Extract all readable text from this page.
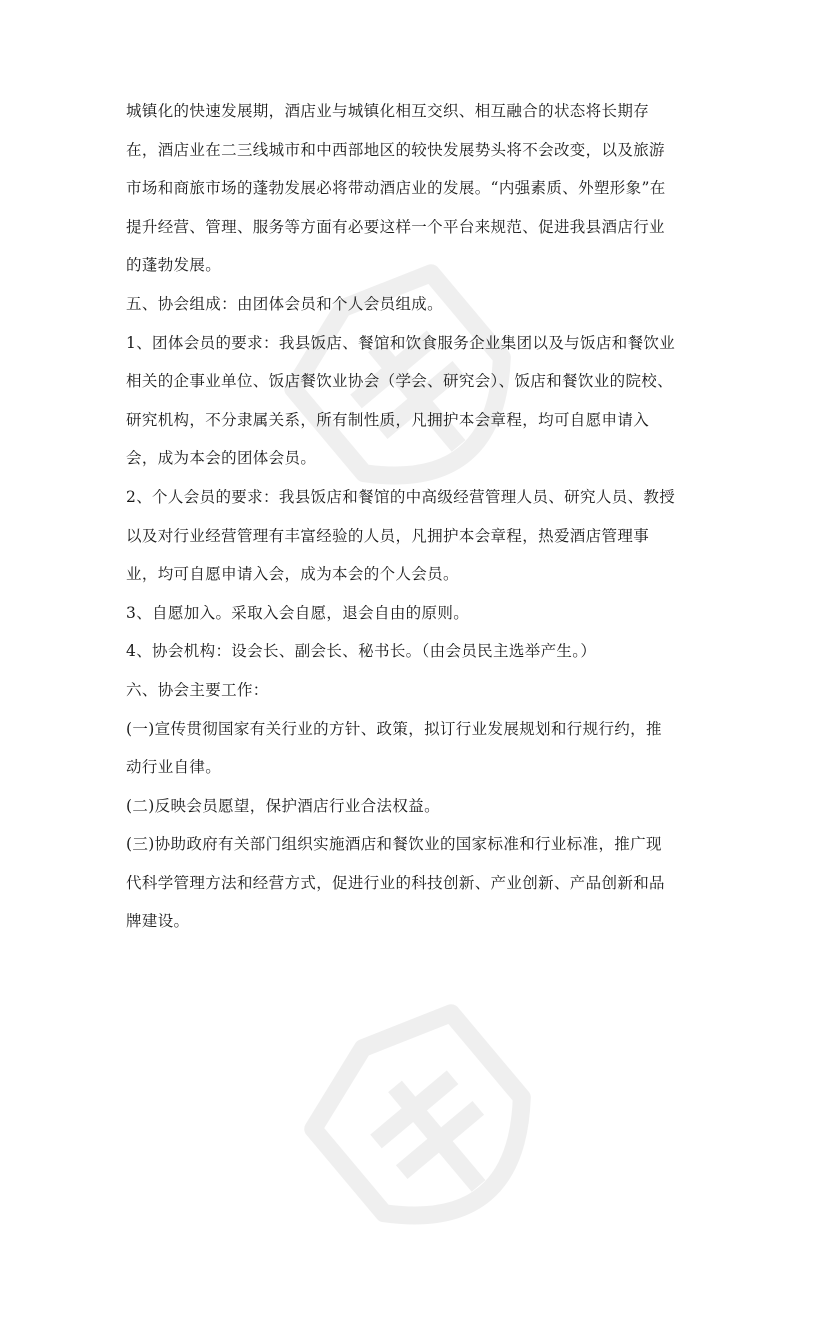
城镇化的快速发展期，酒店业与城镇化相互交织、相互融合的状态将长期存
在，酒店业在二三线城市和中西部地区的较快发展势头将不会改变，以及旅游
市场和商旅市场的蓬勃发展必将带动酒店业的发展。“内强素质、外塑形象”在
提升经营、管理、服务等方面有必要这样一个平台来规范、促进我县酒店行业
的蓬勃发展。
五、协会组成：由团体会员和个人会员组成。
1、团体会员的要求：我县饭店、餐馆和饮食服务企业集团以及与饭店和餐饮业
相关的企事业单位、饭店餐饮业协会（学会、研究会）、饭店和餐饮业的院校、
研究机构，不分隶属关系，所有制性质，凡拥护本会章程，均可自愿申请入
会，成为本会的团体会员。
2、个人会员的要求：我县饭店和餐馆的中高级经营管理人员、研究人员、教授
以及对行业经营管理有丰富经验的人员，凡拥护本会章程，热爱酒店管理事
业，均可自愿申请入会，成为本会的个人会员。
3、自愿加入。采取入会自愿，退会自由的原则。
4、协会机构：设会长、副会长、秘书长。（由会员民主选举产生。）
六、协会主要工作：
(一)宣传贯彻国家有关行业的方针、政策，拟订行业发展规划和行规行约，推
动行业自律。
(二)反映会员愿望，保护酒店行业合法权益。
(三)协助政府有关部门组织实施酒店和餐饮业的国家标准和行业标准，推广现
代科学管理方法和经营方式，促进行业的科技创新、产业创新、产品创新和品
牌建设。
